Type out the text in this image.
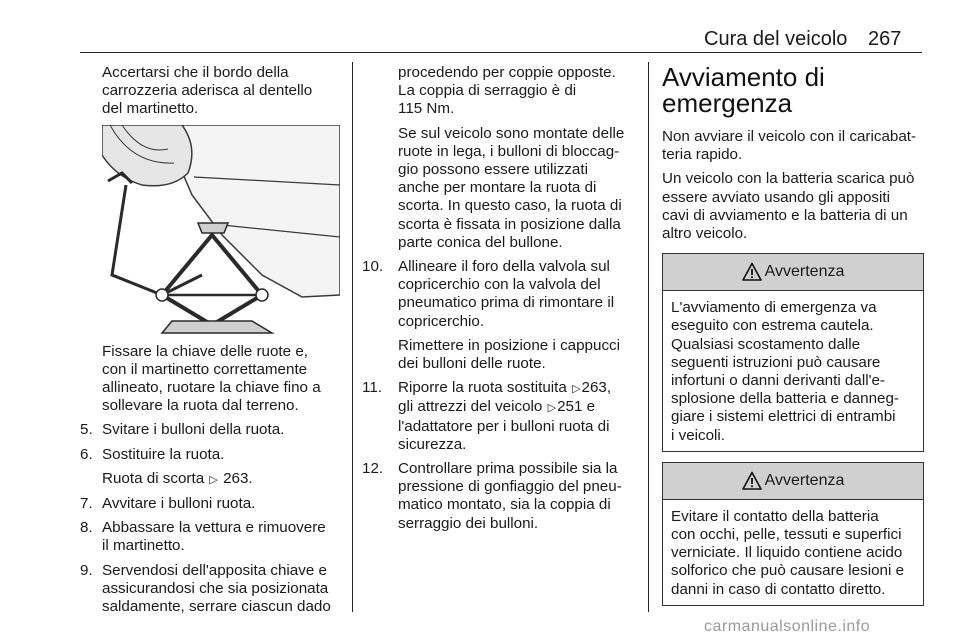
Cura del veicolo 267

Accertarsi che il bordo della
carrozzeria aderisca al dentello
del martinetto.

Fissare la chiave delle ruote e,
con il martinetto correttamente
allineato, ruotare la chiave fino a
sollevare la ruota dal terreno.

5. Svitare i bulloni della ruota.
6. Sostituire la ruota.

Ruota di scorta ▷ 263.

7. Avvitare i bulloni ruota.
8. Abbassare la vettura e rimuovere
il martinetto.
9. Servendosi dell'apposita chiave e
assicurandosi che sia posizionata
saldamente, serrare ciascun dado

procedendo per coppie opposte.
La coppia di serraggio è di
115 Nm.

Se sul veicolo sono montate delle
ruote in lega, i bulloni di bloccag-
gio possono essere utilizzati
anche per montare la ruota di
scorta. In questo caso, la ruota di
scorta è fissata in posizione dalla
parte conica del bullone.

10. Allineare il foro della valvola sul
copricerchio con la valvola del
pneumatico prima di rimontare il
copricerchio.

Rimettere in posizione i cappucci
dei bulloni delle ruote.

11. Riporre la ruota sostituita ▷263,
gli attrezzi del veicolo ▷251 e
l'adattatore per i bulloni ruota di
sicurezza.
12. Controllare prima possibile sia la
pressione di gonfiaggio del pneu-
matico montato, sia la coppia di
serraggio dei bulloni.
Avviamento di
emergenza

Non avviare il veicolo con il caricabat-
teria rapido.

Un veicolo con la batteria scarica può
essere avviato usando gli appositi
cavi di avviamento e la batteria di un
altro veicolo.

Avvertenza
L'avviamento di emergenza va
eseguito con estrema cautela.
Qualsiasi scostamento dalle
seguenti istruzioni può causare
infortuni o danni derivanti dall'e-
splosione della batteria e danneg-
giare i sistemi elettrici di entrambi
i veicoli.
Avvertenza
Evitare il contatto della batteria
con occhi, pelle, tessuti e superfici
verniciate. Il liquido contiene acido
solforico che può causare lesioni e
danni in caso di contatto diretto.
carmanualsonline.info
